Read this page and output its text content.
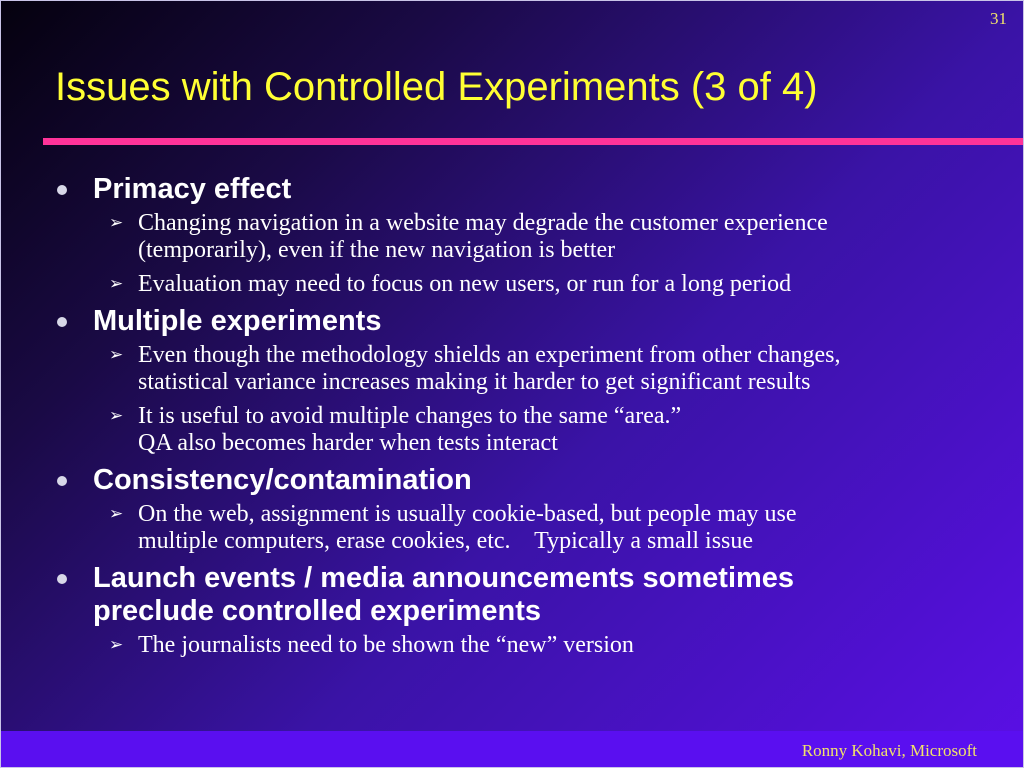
31
Issues with Controlled Experiments (3 of 4)
Primacy effect
➢ Changing navigation in a website may degrade the customer experience
(temporarily), even if the new navigation is better
➢ Evaluation may need to focus on new users, or run for a long period
Multiple experiments
➢ Even though the methodology shields an experiment from other changes,
statistical variance increases making it harder to get significant results
➢ It is useful to avoid multiple changes to the same “area.”
QA also becomes harder when tests interact
Consistency/contamination
➢ On the web, assignment is usually cookie-based, but people may use
multiple computers, erase cookies, etc.    Typically a small issue
Launch events / media announcements sometimes
preclude controlled experiments
➢ The journalists need to be shown the “new” version
Ronny Kohavi, Microsoft
